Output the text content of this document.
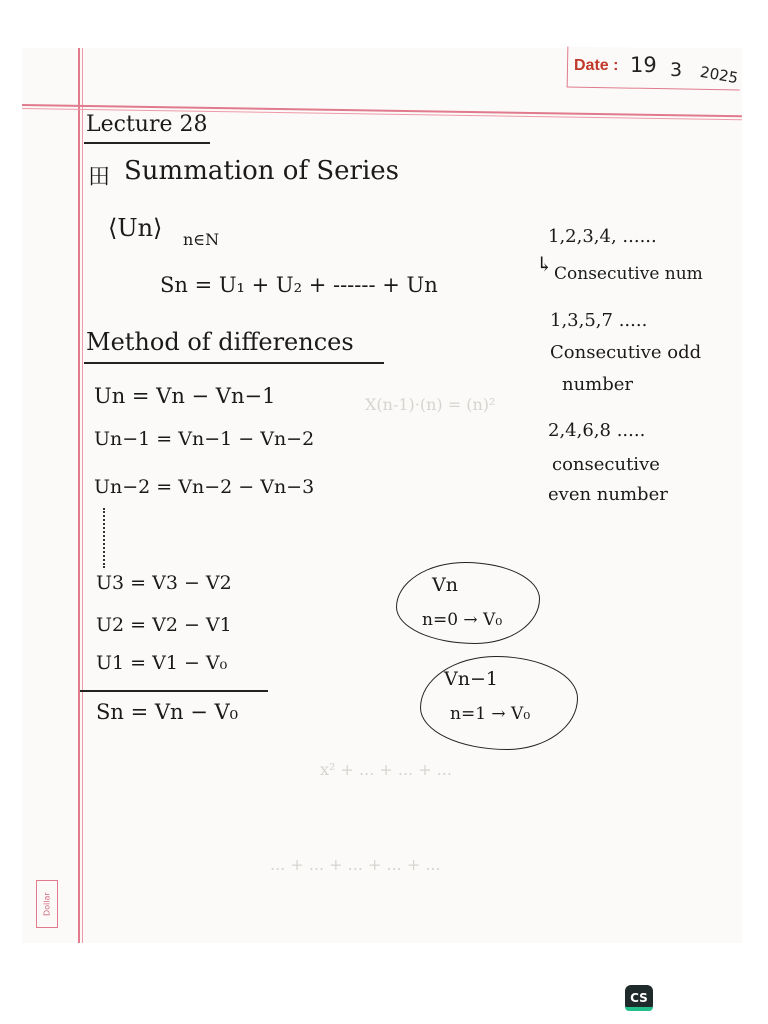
X(n-1)·(n) = (n)²
x² + ... + ... + ...
... + ... + ... + ... + ...
Date : 19 3 2025
Lecture 28
田 Summation of Series
⟨Un⟩ n∈N
Sn = U₁ + U₂ + ------ + Un
Method of differences
Un = Vn − Vn−1
Un−1 = Vn−1 − Vn−2
Un−2 = Vn−2 − Vn−3
U3 = V3 − V2
U2 = V2 − V1
U1 = V1 − V₀
Sn = Vn − V₀
1,2,3,4, ......
↳ Consecutive num
1,3,5,7 .....
Consecutive odd
number
2,4,6,8 .....
consecutive
even number
Vn
n=0 → V₀
Vn−1
n=1 → V₀
Dollar
CS
